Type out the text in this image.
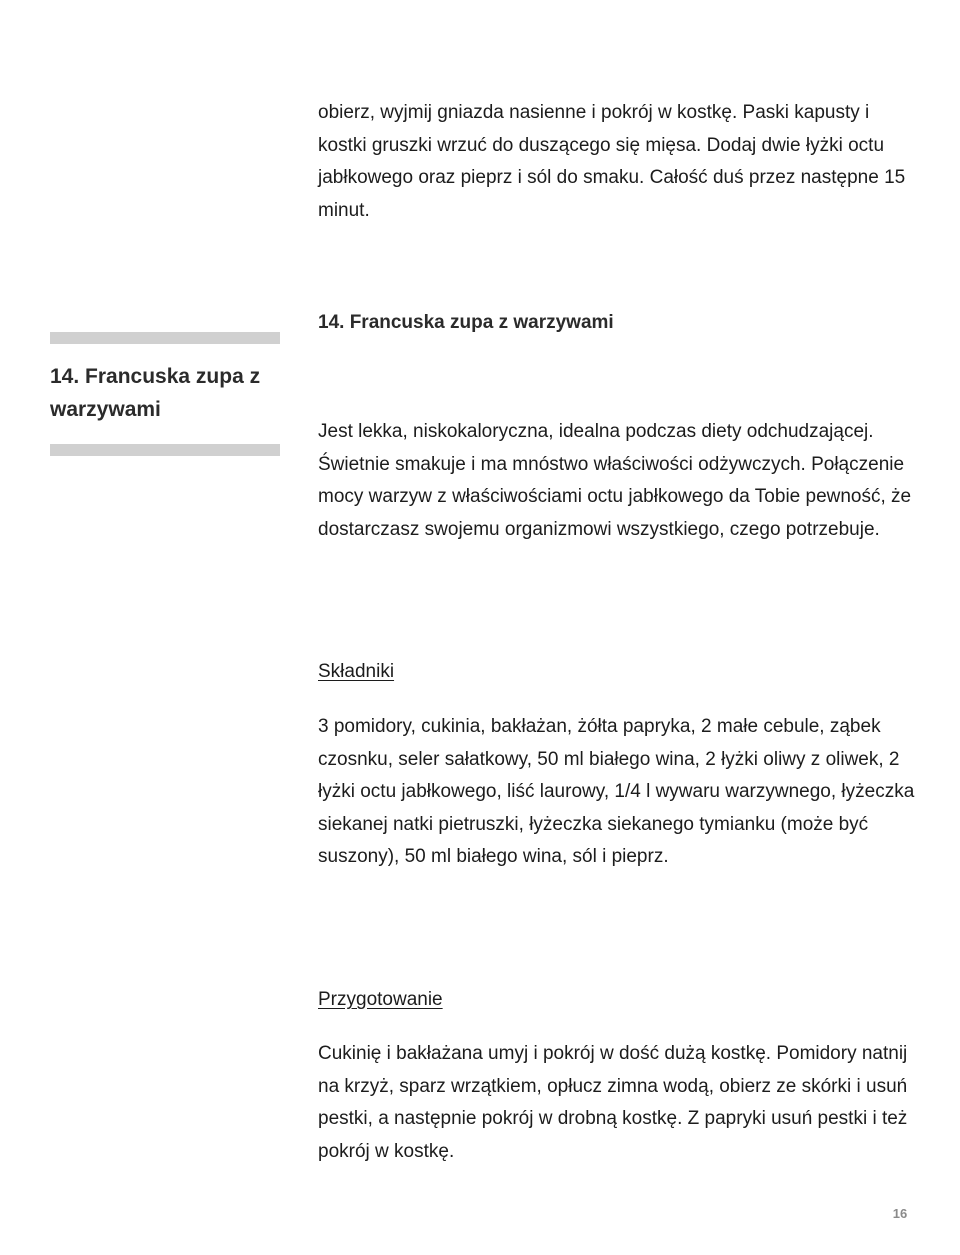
obierz, wyjmij gniazda nasienne i pokrój w kostkę. Paski kapusty i kostki gruszki wrzuć do duszącego się mięsa. Dodaj dwie łyżki octu jabłkowego oraz pieprz i sól do smaku. Całość duś przez następne 15 minut.

14. Francuska zupa z warzywami
14. Francuska zupa z warzywami

Jest lekka, niskokaloryczna, idealna podczas diety odchudzającej. Świetnie smakuje i ma mnóstwo właściwości odżywczych. Połączenie mocy warzyw z właściwościami octu jabłkowego da Tobie pewność, że dostarczasz swojemu organizmowi wszystkiego, czego potrzebuje.

Składniki

3 pomidory, cukinia, bakłażan, żółta papryka, 2 małe cebule, ząbek czosnku, seler sałatkowy, 50 ml białego wina, 2 łyżki oliwy z oliwek, 2 łyżki octu jabłkowego, liść laurowy, 1/4 l wywaru warzywnego, łyżeczka siekanej natki pietruszki, łyżeczka siekanego tymianku (może być suszony), 50 ml białego wina, sól i pieprz.

Przygotowanie

Cukinię i bakłażana umyj i pokrój w dość dużą kostkę. Pomidory natnij na krzyż, sparz wrzątkiem, opłucz zimna wodą, obierz ze skórki i usuń pestki, a następnie pokrój w drobną kostkę. Z papryki usuń pestki i też pokrój w kostkę.

16
